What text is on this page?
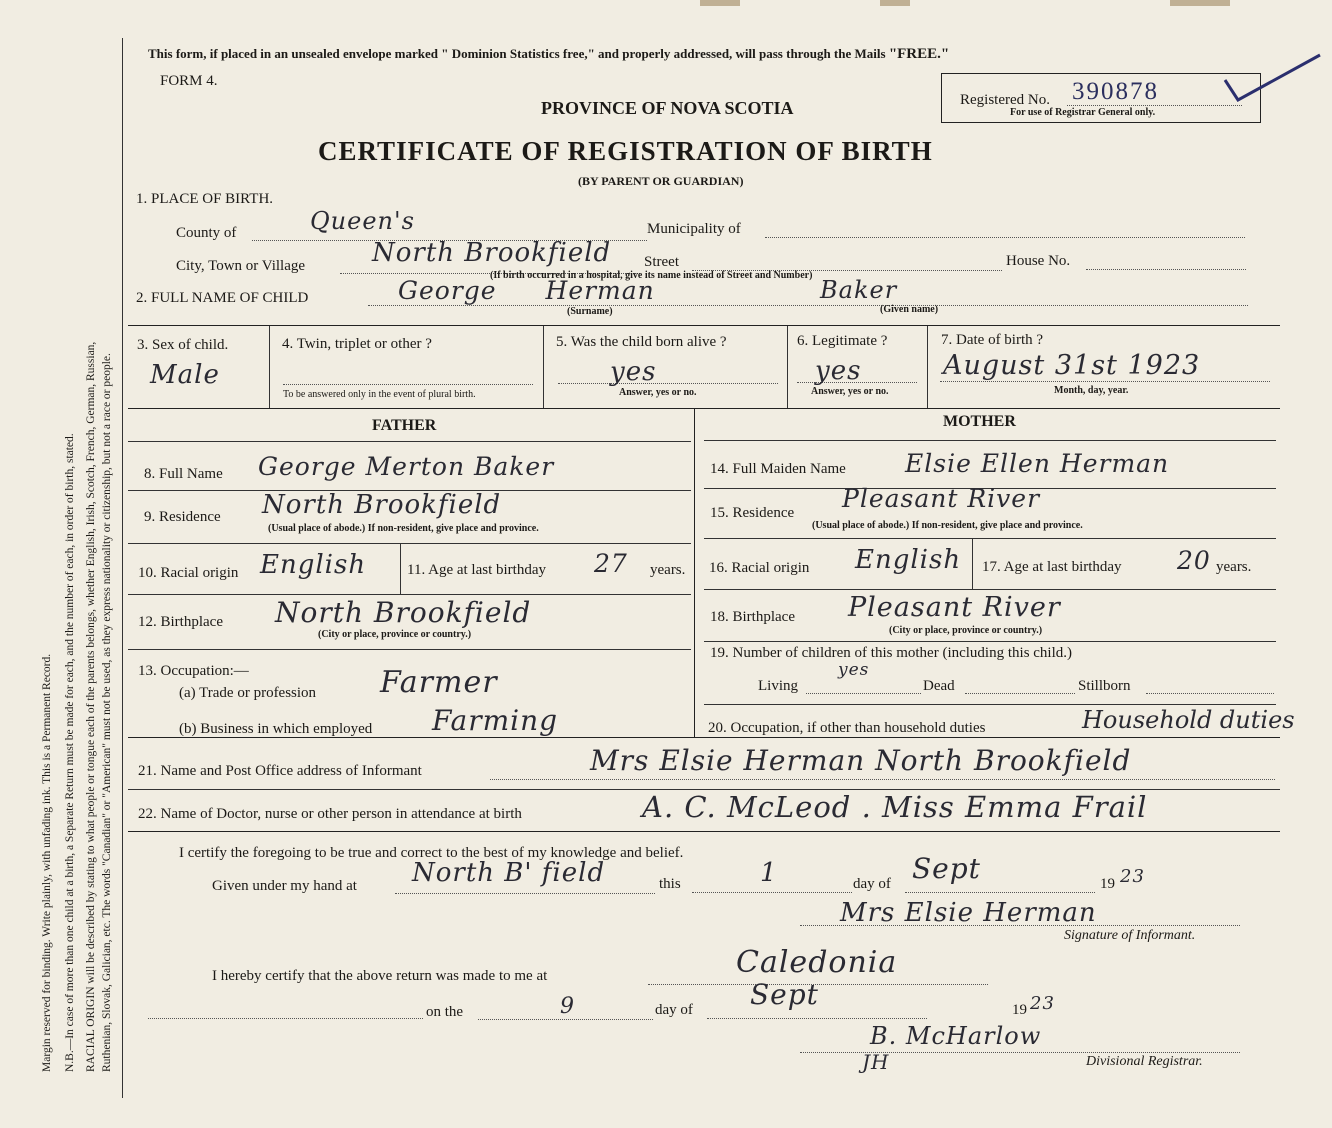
Margin reserved for binding. Write plainly, with unfading ink. This is a Permanent Record. N.B.—In case of more than one child at a birth, a Separate Return must be made for each, and the number of each, in order of birth, stated. RACIAL ORIGIN will be described by stating to what people or tongue each of the parents belongs, whether English, Irish, Scotch, French, German, Russian, Ruthenian, Slovak, Galician, etc. The words "Canadian" or "American" must not be used, as they express nationality or citizenship, but not a race or people.
This form, if placed in an unsealed envelope marked " Dominion Statistics free," and properly addressed, will pass through the Mails "FREE."
FORM 4.
PROVINCE OF NOVA SCOTIA
CERTIFICATE OF REGISTRATION OF BIRTH
(BY PARENT OR GUARDIAN)
Registered No. 390878
For use of Registrar General only.
1. PLACE OF BIRTH.
County of	Queen's	Municipality of
City, Town or Village	North Brookfield Street	House No.
(If birth occurred in a hospital, give its name instead of Street and Number)
2. FULL NAME OF CHILD	George Herman	Baker
(Surname)	(Given name)
3. Sex of child.
Male
4. Twin, triplet or other ?
To be answered only in the event of plural birth.
5. Was the child born alive ?
yes
Answer, yes or no.
6. Legitimate ?
yes
Answer, yes or no.
7. Date of birth ?
August 31st 1923
Month, day, year.
FATHER	MOTHER
8. Full Name George Merton Baker
9. Residence North Brookfield
(Usual place of abode.) If non-resident, give place and province.
10. Racial origin English	11. Age at last birthday 27 years.
12. Birthplace North Brookfield
(City or place, province or country.)
13. Occupation:—
(a) Trade or profession Farmer
(b) Business in which employed Farming
14. Full Maiden Name Elsie Ellen Herman
15. Residence Pleasant River
(Usual place of abode.) If non-resident, give place and province.
16. Racial origin English 17. Age at last birthday 20 years.
18. Birthplace Pleasant River
(City or place, province or country.)
19. Number of children of this mother (including this child.)
Living
yes
Dead	Stillborn
20. Occupation, if other than household duties	Household duties
21. Name and Post Office address of Informant	Mrs Elsie Herman North Brookfield
22. Name of Doctor, nurse or other person in attendance at birth	A. C. McLeod . Miss Emma Frail
I certify the foregoing to be true and correct to the best of my knowledge and belief.
Given under my hand at North B' field	this	1	day of Sept	19 23
Mrs Elsie Herman
Signature of Informant.
I hereby certify that the above return was made to me at	Caledonia
on the	9	day of Sept	19 23
B. McHarlow
JH	Divisional Registrar.
